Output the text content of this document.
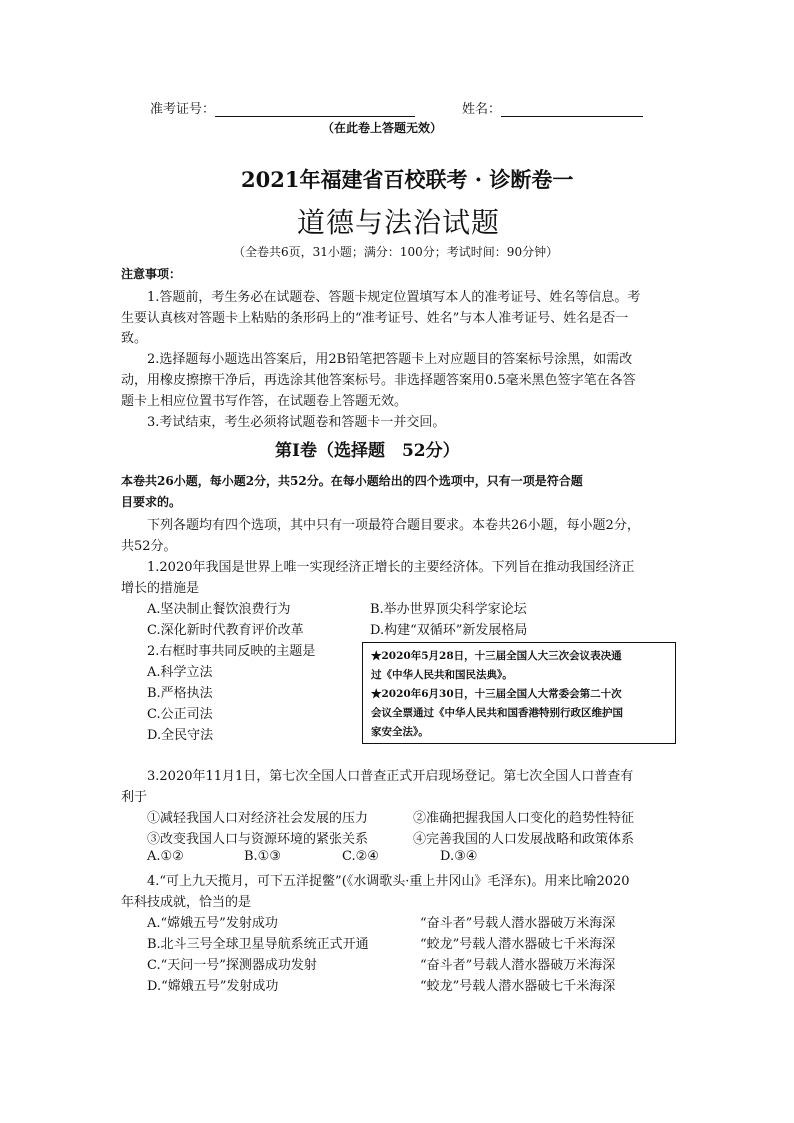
准考证号：	姓名：
（在此卷上答题无效）
2021年福建省百校联考 · 诊断卷一
道德与法治试题
（全卷共6页，31小题；满分：100分；考试时间：90分钟）
注意事项：
1.答题前，考生务必在试题卷、答题卡规定位置填写本人的准考证号、姓名等信息。考
生要认真核对答题卡上粘贴的条形码上的“准考证号、姓名”与本人准考证号、姓名是否一
致。
2.选择题每小题选出答案后，用2B铅笔把答题卡上对应题目的答案标号涂黑，如需改
动，用橡皮擦擦干净后，再选涂其他答案标号。非选择题答案用0.5毫米黑色签字笔在各答
题卡上相应位置书写作答，在试题卷上答题无效。
3.考试结束，考生必须将试题卷和答题卡一并交回。
第Ⅰ卷（选择题　52分）
本卷共26小题，每小题2分，共52分。在每小题给出的四个选项中，只有一项是符合题
目要求的。
下列各题均有四个选项，其中只有一项最符合题目要求。本卷共26小题，每小题2分，
共52分。
1.2020年我国是世界上唯一实现经济正增长的主要经济体。下列旨在推动我国经济正
增长的措施是
A.坚决制止餐饮浪费行为	B.举办世界顶尖科学家论坛
C.深化新时代教育评价改革	D.构建“双循环”新发展格局
2.右框时事共同反映的主题是
A.科学立法
B.严格执法
C.公正司法
D.全民守法
★2020年5月28日，十三届全国人大三次会议表决通
过《中华人民共和国民法典》。
★2020年6月30日，十三届全国人大常委会第二十次
会议全票通过《中华人民共和国香港特别行政区维护国
家安全法》。
3.2020年11月1日，第七次全国人口普查正式开启现场登记。第七次全国人口普查有
利于
①减轻我国人口对经济社会发展的压力	②准确把握我国人口变化的趋势性特征
③改变我国人口与资源环境的紧张关系	④完善我国的人口发展战略和政策体系
A.①②	B.①③	C.②④	D.③④
4.“可上九天揽月，可下五洋捉鳖”(《水调歌头·重上井冈山》毛泽东)。用来比喻2020
年科技成就，恰当的是
A.“嫦娥五号”发射成功	“奋斗者”号载人潜水器破万米海深
B.北斗三号全球卫星导航系统正式开通	“蛟龙”号载人潜水器破七千米海深
C.“天问一号”探测器成功发射	“奋斗者”号载人潜水器破万米海深
D.“嫦娥五号”发射成功	“蛟龙”号载人潜水器破七千米海深
